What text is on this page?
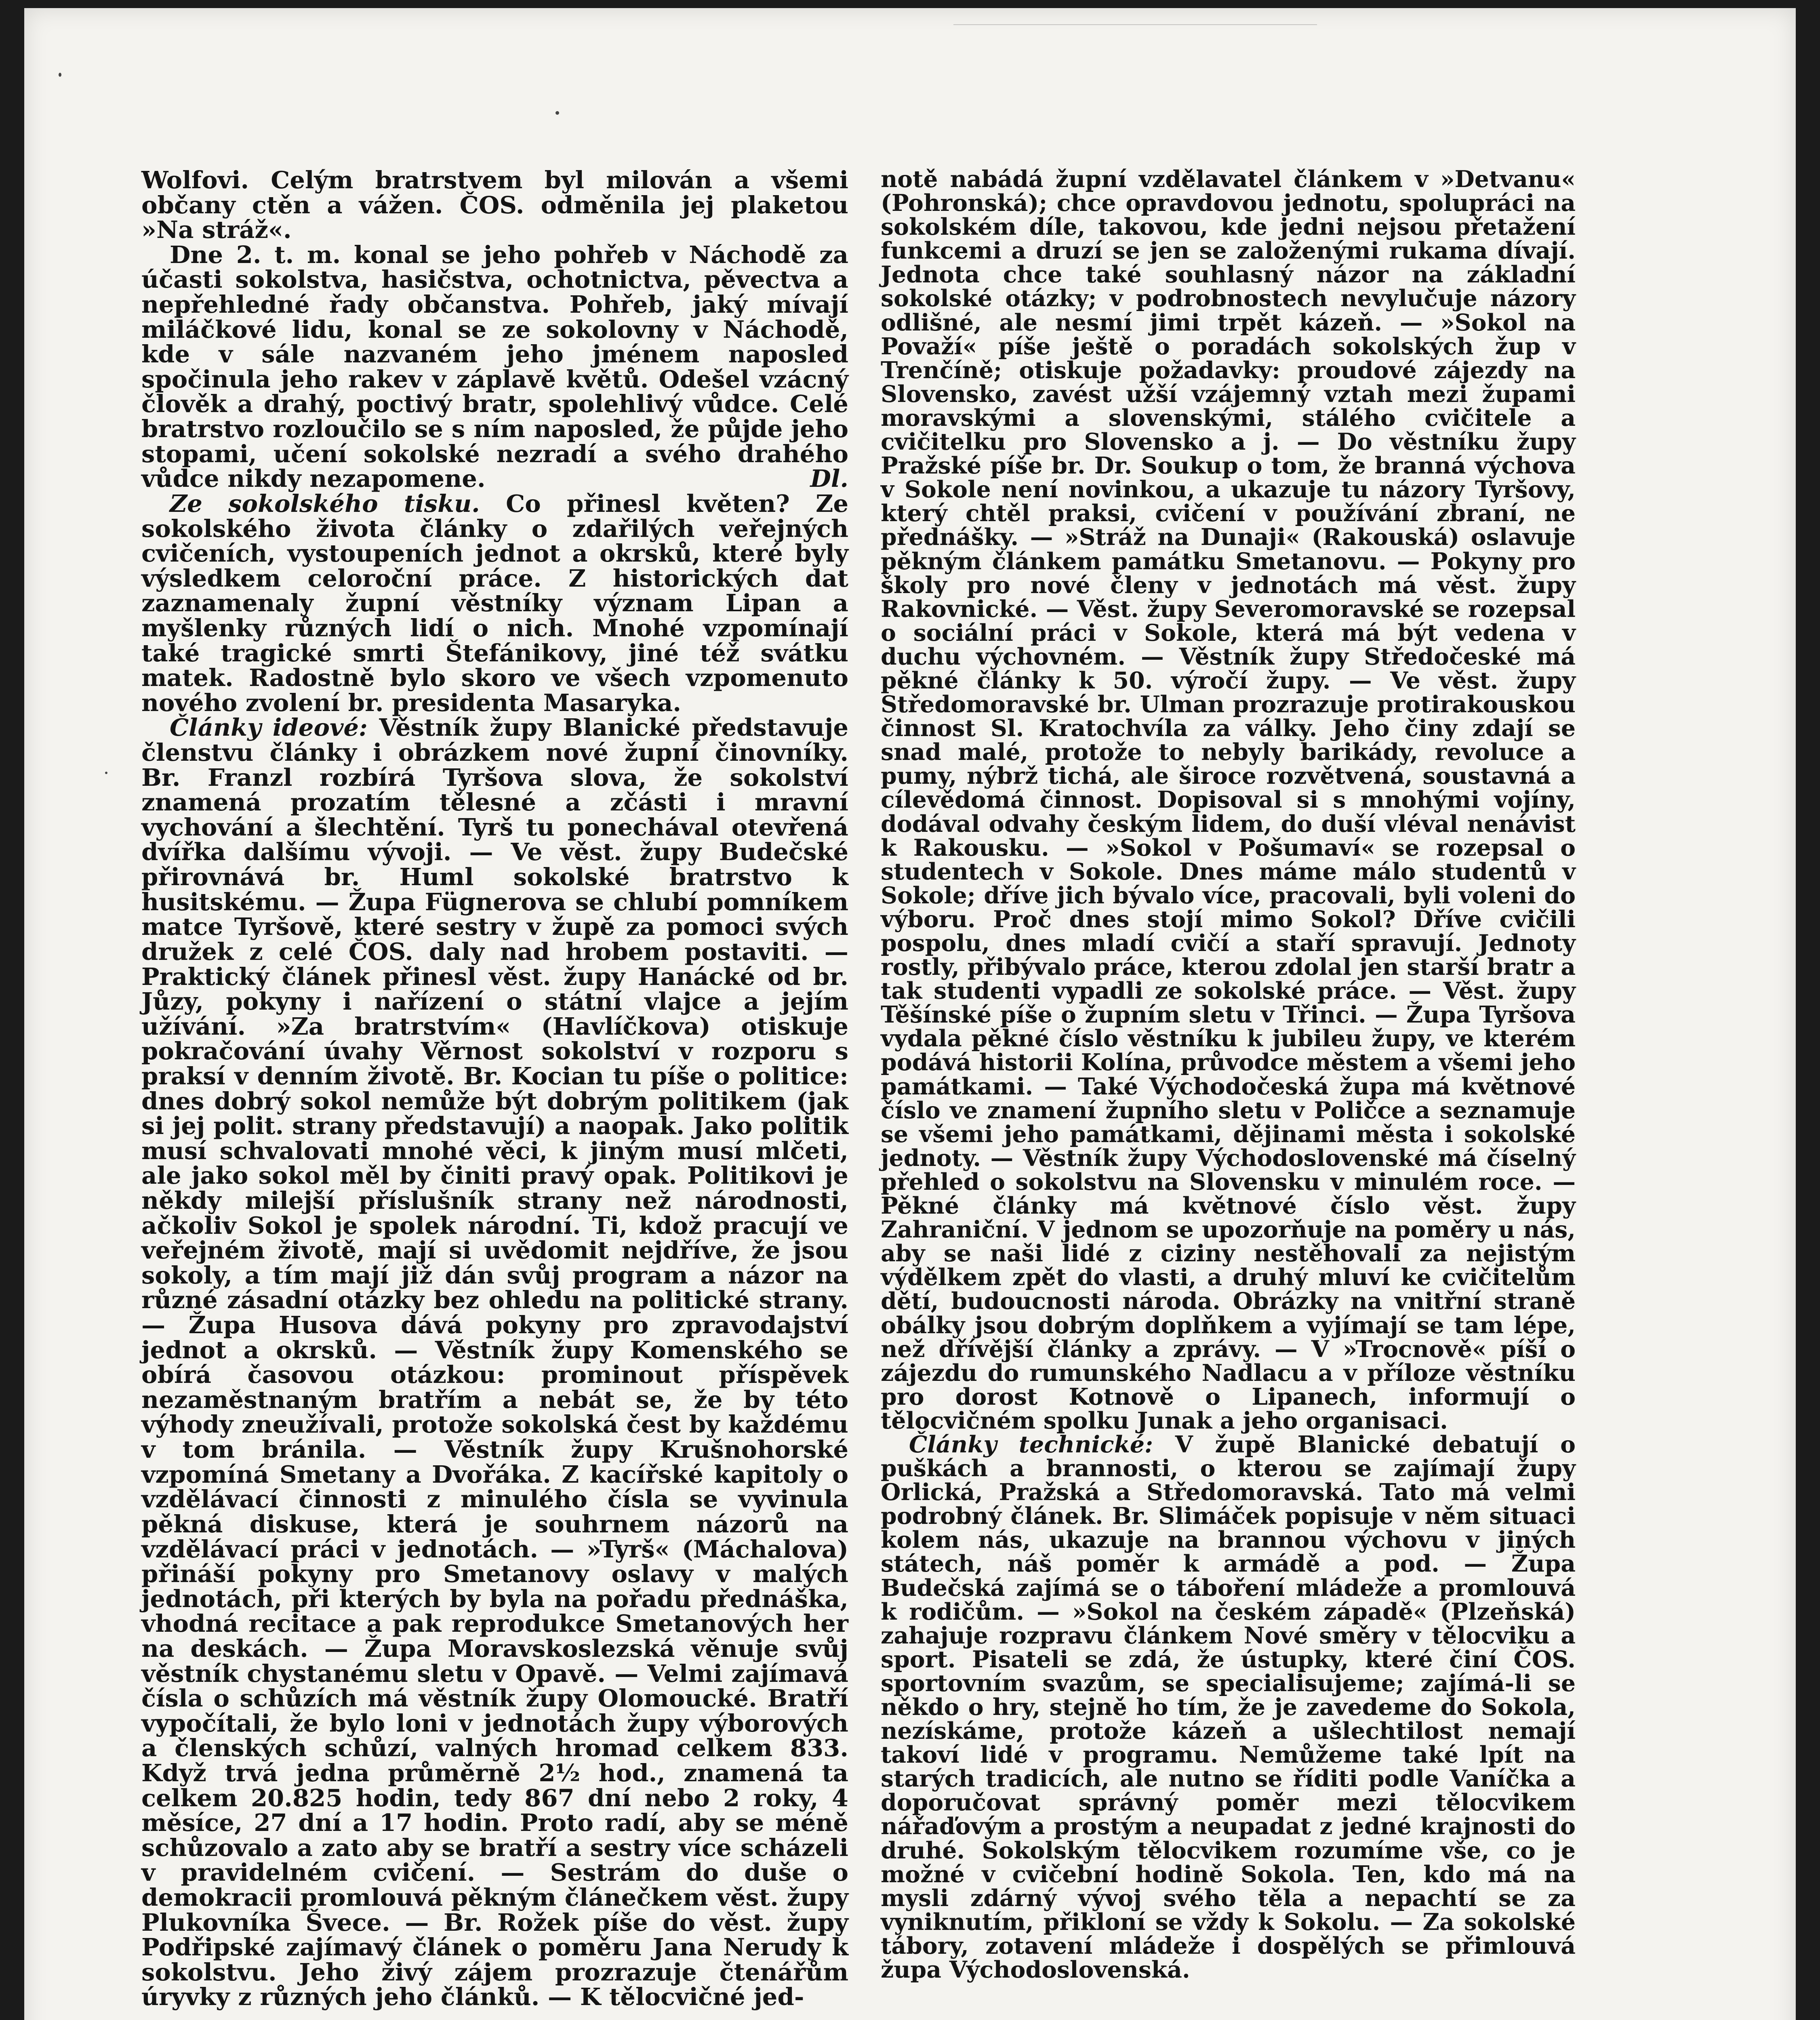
Wolfovi. Celým bratrstvem byl milován a všemi občany ctěn a vážen. ČOS. odměnila jej plaketou »Na stráž«.

Dne 2. t. m. konal se jeho pohřeb v Náchodě za účasti sokolstva, hasičstva, ochotnictva, pěvectva a nepřehledné řady občanstva. Pohřeb, jaký mívají miláčkové lidu, konal se ze sokolovny v Náchodě, kde v sále nazvaném jeho jménem naposled spočinula jeho rakev v záplavě květů. Odešel vzácný člověk a drahý, poctivý bratr, spolehlivý vůdce. Celé bratrstvo rozloučilo se s ním naposled, že půjde jeho stopami, učení sokolské nezradí a svého drahého vůdce nikdy nezapomene.	Dl.

Ze sokolského tisku. Co přinesl květen? Ze sokolského života články o zdařilých veřejných cvičeních, vystoupeních jednot a okrsků, které byly výsledkem celoroční práce. Z historických dat zaznamenaly župní věstníky význam Lipan a myšlenky různých lidí o nich. Mnohé vzpomínají také tragické smrti Štefánikovy, jiné též svátku matek. Radostně bylo skoro ve všech vzpomenuto nového zvolení br. presidenta Masaryka.

Články ideové: Věstník župy Blanické představuje členstvu články i obrázkem nové župní činovníky. Br. Franzl rozbírá Tyršova slova, že sokolství znamená prozatím tělesné a zčásti i mravní vychování a šlechtění. Tyrš tu ponechával otevřená dvířka dalšímu vývoji. — Ve věst. župy Budečské přirovnává br. Huml sokolské bratrstvo k husitskému. — Župa Fügnerova se chlubí pomníkem matce Tyršově, které sestry v župě za pomoci svých družek z celé ČOS. daly nad hrobem postaviti. — Praktický článek přinesl věst. župy Hanácké od br. Jůzy, pokyny i nařízení o státní vlajce a jejím užívání. »Za bratrstvím« (Havlíčkova) otiskuje pokračování úvahy Věrnost sokolství v rozporu s praksí v denním životě. Br. Kocian tu píše o politice: dnes dobrý sokol nemůže být dobrým politikem (jak si jej polit. strany představují) a naopak. Jako politik musí schvalovati mnohé věci, k jiným musí mlčeti, ale jako sokol měl by činiti pravý opak. Politikovi je někdy milejší příslušník strany než národnosti, ačkoliv Sokol je spolek národní. Ti, kdož pracují ve veřejném životě, mají si uvědomit nejdříve, že jsou sokoly, a tím mají již dán svůj program a názor na různé zásadní otázky bez ohledu na politické strany. — Župa Husova dává pokyny pro zpravodajství jednot a okrsků. — Věstník župy Komenského se obírá časovou otázkou: prominout příspěvek nezaměstnaným bratřím a nebát se, že by této výhody zneužívali, protože sokolská čest by každému v tom bránila. — Věstník župy Krušnohorské vzpomíná Smetany a Dvořáka. Z kacířské kapitoly o vzdělávací činnosti z minulého čísla se vyvinula pěkná diskuse, která je souhrnem názorů na vzdělávací práci v jednotách. — »Tyrš« (Máchalova) přináší pokyny pro Smetanovy oslavy v malých jednotách, při kterých by byla na pořadu přednáška, vhodná recitace a pak reprodukce Smetanových her na deskách. — Župa Moravskoslezská věnuje svůj věstník chystanému sletu v Opavě. — Velmi zajímavá čísla o schůzích má věstník župy Olomoucké. Bratří vypočítali, že bylo loni v jednotách župy výborových a členských schůzí, valných hromad celkem 833. Když trvá jedna průměrně 2½ hod., znamená ta celkem 20.825 hodin, tedy 867 dní nebo 2 roky, 4 měsíce, 27 dní a 17 hodin. Proto radí, aby se méně schůzovalo a zato aby se bratří a sestry více scházeli v pravidelném cvičení. — Sestrám do duše o demokracii promlouvá pěkným článečkem věst. župy Plukovníka Švece. — Br. Rožek píše do věst. župy Podřipské zajímavý článek o poměru Jana Nerudy k sokolstvu. Jeho živý zájem prozrazuje čtenářům úryvky z různých jeho článků. — K tělocvičné jed-

notě nabádá župní vzdělavatel článkem v »Detvanu« (Pohronská); chce opravdovou jednotu, spolupráci na sokolském díle, takovou, kde jedni nejsou přetažení funkcemi a druzí se jen se založenými rukama dívají. Jednota chce také souhlasný názor na základní sokolské otázky; v podrobnostech nevylučuje názory odlišné, ale nesmí jimi trpět kázeň. — »Sokol na Považí« píše ještě o poradách sokolských žup v Trenčíně; otiskuje požadavky: proudové zájezdy na Slovensko, zavést užší vzájemný vztah mezi župami moravskými a slovenskými, stálého cvičitele a cvičitelku pro Slovensko a j. — Do věstníku župy Pražské píše br. Dr. Soukup o tom, že branná výchova v Sokole není novinkou, a ukazuje tu názory Tyršovy, který chtěl praksi, cvičení v používání zbraní, ne přednášky. — »Stráž na Dunaji« (Rakouská) oslavuje pěkným článkem památku Smetanovu. — Pokyny pro školy pro nové členy v jednotách má věst. župy Rakovnické. — Věst. župy Severomoravské se rozepsal o sociální práci v Sokole, která má být vedena v duchu výchovném. — Věstník župy Středočeské má pěkné články k 50. výročí župy. — Ve věst. župy Středomoravské br. Ulman prozrazuje protirakouskou činnost Sl. Kratochvíla za války. Jeho činy zdají se snad malé, protože to nebyly barikády, revoluce a pumy, nýbrž tichá, ale široce rozvětvená, soustavná a cílevědomá činnost. Dopisoval si s mnohými vojíny, dodával odvahy českým lidem, do duší vléval nenávist k Rakousku. — »Sokol v Pošumaví« se rozepsal o studentech v Sokole. Dnes máme málo studentů v Sokole; dříve jich bývalo více, pracovali, byli voleni do výboru. Proč dnes stojí mimo Sokol? Dříve cvičili pospolu, dnes mladí cvičí a staří spravují. Jednoty rostly, přibývalo práce, kterou zdolal jen starší bratr a tak studenti vypadli ze sokolské práce. — Věst. župy Těšínské píše o župním sletu v Třinci. — Župa Tyršova vydala pěkné číslo věstníku k jubileu župy, ve kterém podává historii Kolína, průvodce městem a všemi jeho památkami. — Také Východočeská župa má květnové číslo ve znamení župního sletu v Poličce a seznamuje se všemi jeho památkami, dějinami města i sokolské jednoty. — Věstník župy Východoslovenské má číselný přehled o sokolstvu na Slovensku v minulém roce. — Pěkné články má květnové číslo věst. župy Zahraniční. V jednom se upozorňuje na poměry u nás, aby se naši lidé z ciziny nestěhovali za nejistým výdělkem zpět do vlasti, a druhý mluví ke cvičitelům dětí, budoucnosti národa. Obrázky na vnitřní straně obálky jsou dobrým doplňkem a vyjímají se tam lépe, než dřívější články a zprávy. — V »Trocnově« píší o zájezdu do rumunského Nadlacu a v příloze věstníku pro dorost Kotnově o Lipanech, informují o tělocvičném spolku Junak a jeho organisaci.

Články technické: V župě Blanické debatují o puškách a brannosti, o kterou se zajímají župy Orlická, Pražská a Středomoravská. Tato má velmi podrobný článek. Br. Slimáček popisuje v něm situaci kolem nás, ukazuje na brannou výchovu v jiných státech, náš poměr k armádě a pod. — Župa Budečská zajímá se o táboření mládeže a promlouvá k rodičům. — »Sokol na českém západě« (Plzeňská) zahajuje rozpravu článkem Nové směry v tělocviku a sport. Pisateli se zdá, že ústupky, které činí ČOS. sportovním svazům, se specialisujeme; zajímá-li se někdo o hry, stejně ho tím, že je zavedeme do Sokola, nezískáme, protože kázeň a ušlechtilost nemají takoví lidé v programu. Nemůžeme také lpít na starých tradicích, ale nutno se říditi podle Vaníčka a doporučovat správný poměr mezi tělocvikem nářaďovým a prostým a neupadat z jedné krajnosti do druhé. Sokolským tělocvikem rozumíme vše, co je možné v cvičební hodině Sokola. Ten, kdo má na mysli zdárný vývoj svého těla a nepachtí se za vyniknutím, přikloní se vždy k Sokolu. — Za sokolské tábory, zotavení mládeže i dospělých se přimlouvá župa Východoslovenská.
